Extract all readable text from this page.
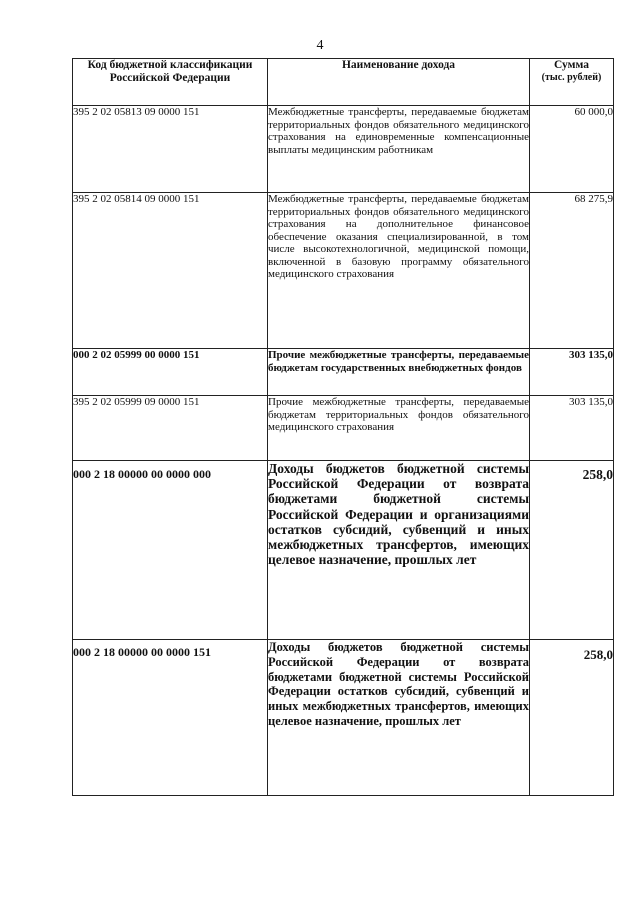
4
Код бюджетной классификации Российской Федерации	Наименование дохода	Сумма
(тыс. рублей)

395 2 02 05813 09 0000 151	Межбюджетные трансферты, передаваемые бюджетам территориальных фондов обязательного медицинского страхования на единовременные компенсационные выплаты медицинским работникам	60 000,0
395 2 02 05814 09 0000 151	Межбюджетные трансферты, передаваемые бюджетам территориальных фондов обязательного медицинского страхования на дополнительное финансовое обеспечение оказания специализированной, в том числе высокотехнологичной, медицинской помощи, включенной в базовую программу обязательного медицинского страхования	68 275,9
000 2 02 05999 00 0000 151	Прочие межбюджетные трансферты, передаваемые бюджетам государственных внебюджетных фондов	303 135,0
395 2 02 05999 09 0000 151	Прочие межбюджетные трансферты, передаваемые бюджетам территориальных фондов обязательного медицинского страхования	303 135,0
000 2 18 00000 00 0000 000	Доходы бюджетов бюджетной системы Российской Федерации от возврата бюджетами бюджетной системы Российской Федерации и организациями остатков субсидий, субвенций и иных межбюджетных трансфертов, имеющих целевое назначение, прошлых лет	258,0
000 2 18 00000 00 0000 151	Доходы бюджетов бюджетной системы Российской Федерации от возврата бюджетами бюджетной системы Российской Федерации остатков субсидий, субвенций и иных межбюджетных трансфертов, имеющих целевое назначение, прошлых лет	258,0
